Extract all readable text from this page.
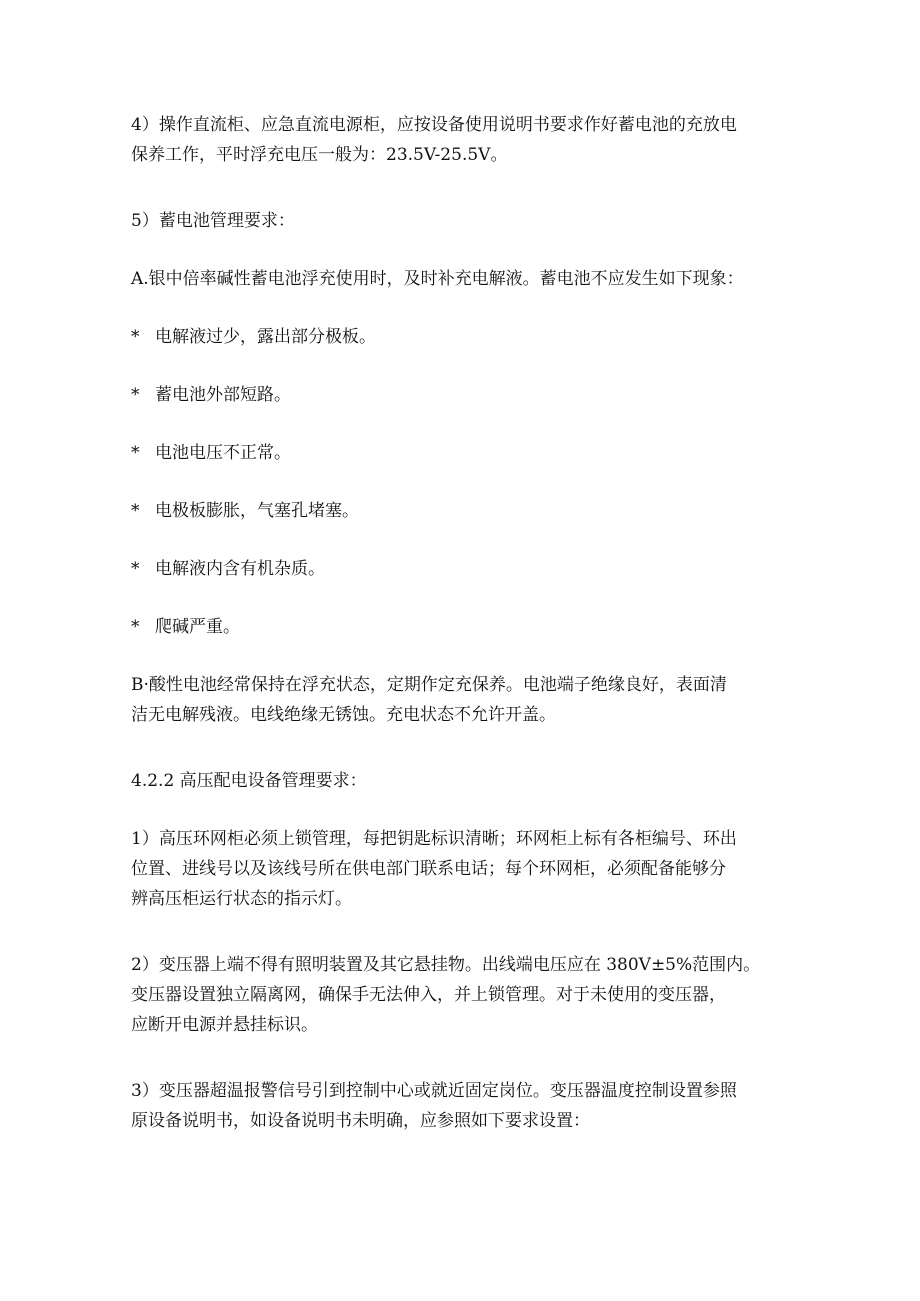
4）操作直流柜、应急直流电源柜，应按设备使用说明书要求作好蓄电池的充放电
保养工作，平时浮充电压一般为：23.5V-25.5V。

5）蓄电池管理要求：

A.银中倍率碱性蓄电池浮充使用时，及时补充电解液。蓄电池不应发生如下现象：

* 电解液过少，露出部分极板。

* 蓄电池外部短路。

* 电池电压不正常。

* 电极板膨胀，气塞孔堵塞。

* 电解液内含有机杂质。

* 爬碱严重。

B·酸性电池经常保持在浮充状态，定期作定充保养。电池端子绝缘良好，表面清
洁无电解残液。电线绝缘无锈蚀。充电状态不允许开盖。

4.2.2 高压配电设备管理要求：

1）高压环网柜必须上锁管理，每把钥匙标识清晰；环网柜上标有各柜编号、环出
位置、进线号以及该线号所在供电部门联系电话；每个环网柜，必须配备能够分
辨高压柜运行状态的指示灯。

2）变压器上端不得有照明装置及其它悬挂物。出线端电压应在 380V±5%范围内。
变压器设置独立隔离网，确保手无法伸入，并上锁管理。对于未使用的变压器，
应断开电源并悬挂标识。

3）变压器超温报警信号引到控制中心或就近固定岗位。变压器温度控制设置参照
原设备说明书，如设备说明书未明确，应参照如下要求设置：
